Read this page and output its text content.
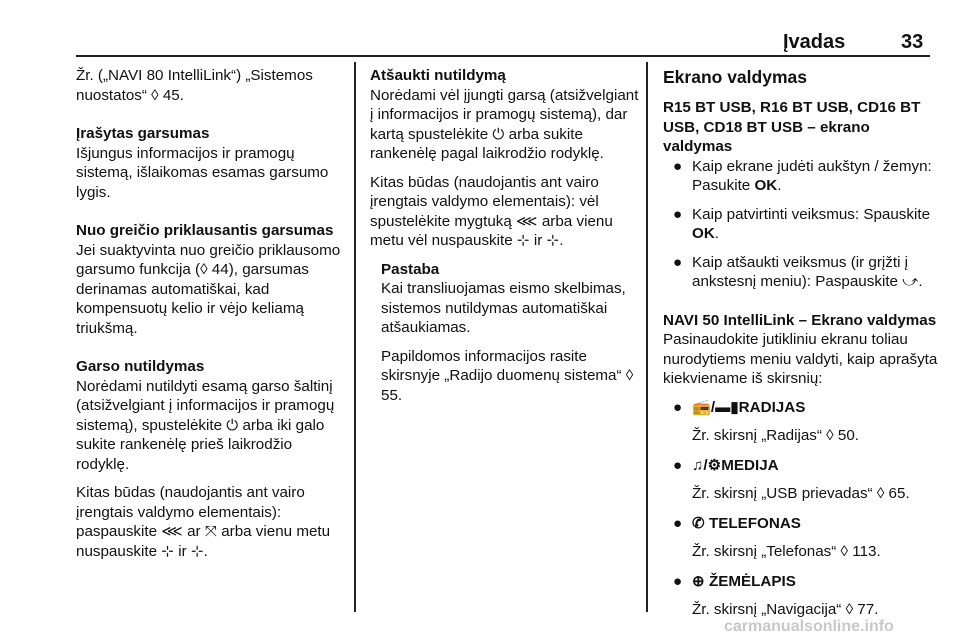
Įvadas	33

Žr. („NAVI 80 IntelliLink“) „Sistemos nuostatos“ ◊ 45.

Įrašytas garsumas

Išjungus informacijos ir pramogų sistemą, išlaikomas esamas garsumo lygis.

Nuo greičio priklausantis garsumas

Jei suaktyvinta nuo greičio priklausomo garsumo funkcija (◊ 44), garsumas derinamas automatiškai, kad kompensuotų kelio ir vėjo keliamą triukšmą.

Garso nutildymas

Norėdami nutildyti esamą garso šaltinį (atsižvelgiant į informacijos ir pramogų sistemą), spustelėkite ⏻ arba iki galo sukite rankenėlę prieš laikrodžio rodyklę.

Kitas būdas (naudojantis ant vairo įrengtais valdymo elementais): paspauskite ⋘ ar ⤧ arba vienu metu nuspauskite ⊹ ir ⊹.

Atšaukti nutildymą

Norėdami vėl įjungti garsą (atsižvelgiant į informacijos ir pramogų sistemą), dar kartą spustelėkite ⏻ arba sukite rankenėlę pagal laikrodžio rodyklę.

Kitas būdas (naudojantis ant vairo įrengtais valdymo elementais): vėl spustelėkite mygtuką ⋘ arba vienu metu vėl nuspauskite ⊹ ir ⊹.

Pastaba

Kai transliuojamas eismo skelbimas, sistemos nutildymas automatiškai atšaukiamas.

Papildomos informacijos rasite skirsnyje „Radijo duomenų sistema“ ◊ 55.

Ekrano valdymas

R15 BT USB, R16 BT USB, CD16 BT USB, CD18 BT USB – ekrano valdymas

● Kaip ekrane judėti aukštyn / žemyn: Pasukite OK.
● Kaip patvirtinti veiksmus: Spauskite OK.
● Kaip atšaukti veiksmus (ir grįžti į ankstesnį meniu): Paspauskite ⤻.

NAVI 50 IntelliLink – Ekrano valdymas

Pasinaudokite jutikliniu ekranu toliau nurodytiems meniu valdyti, kaip aprašyta kiekviename iš skirsnių:

● 📻/▬▮RADIJAS
Žr. skirsnį „Radijas“ ◊ 50.
● ♫/⚙MEDIJA
Žr. skirsnį „USB prievadas“ ◊ 65.
● ✆ TELEFONAS
Žr. skirsnį „Telefonas“ ◊ 113.
● ⊕ ŽEMĖLAPIS
Žr. skirsnį „Navigacija“ ◊ 77.
carmanualsonline.info
